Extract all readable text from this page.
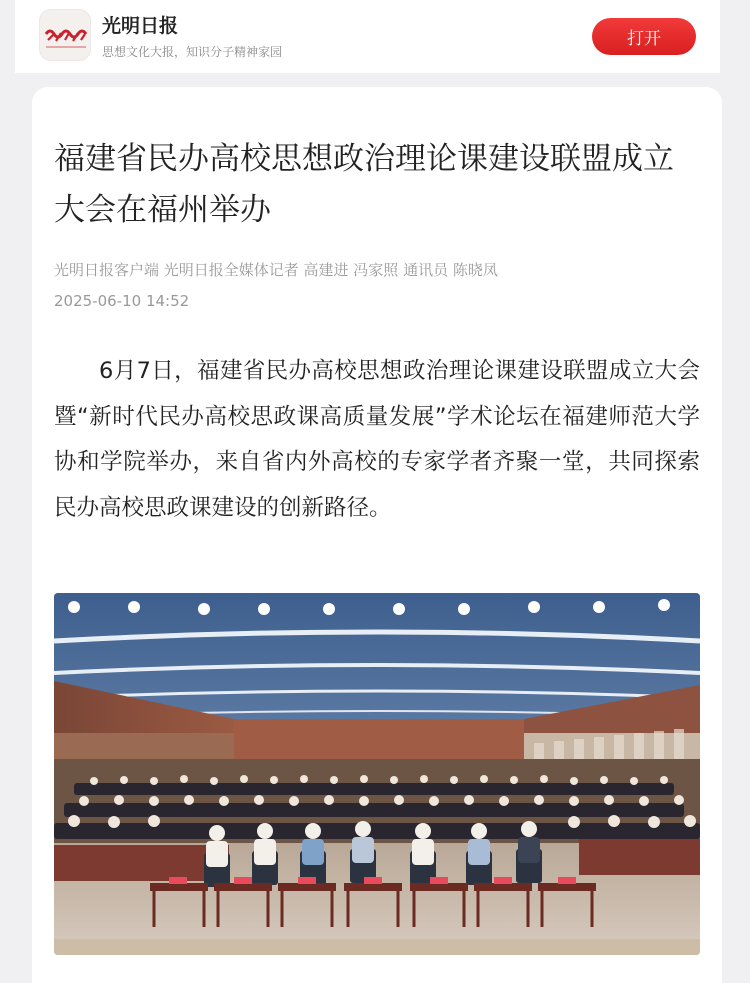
光明日报
思想文化大报，知识分子精神家园
打开
福建省民办高校思想政治理论课建设联盟成立大会在福州举办
光明日报客户端 光明日报全媒体记者 高建进 冯家照 通讯员 陈晓凤
2025-06-10 14:52

6月7日，福建省民办高校思想政治理论课建设联盟成立大会暨“新时代民办高校思政课高质量发展”学术论坛在福建师范大学协和学院举办，来自省内外高校的专家学者齐聚一堂，共同探索民办高校思政课建设的创新路径。
